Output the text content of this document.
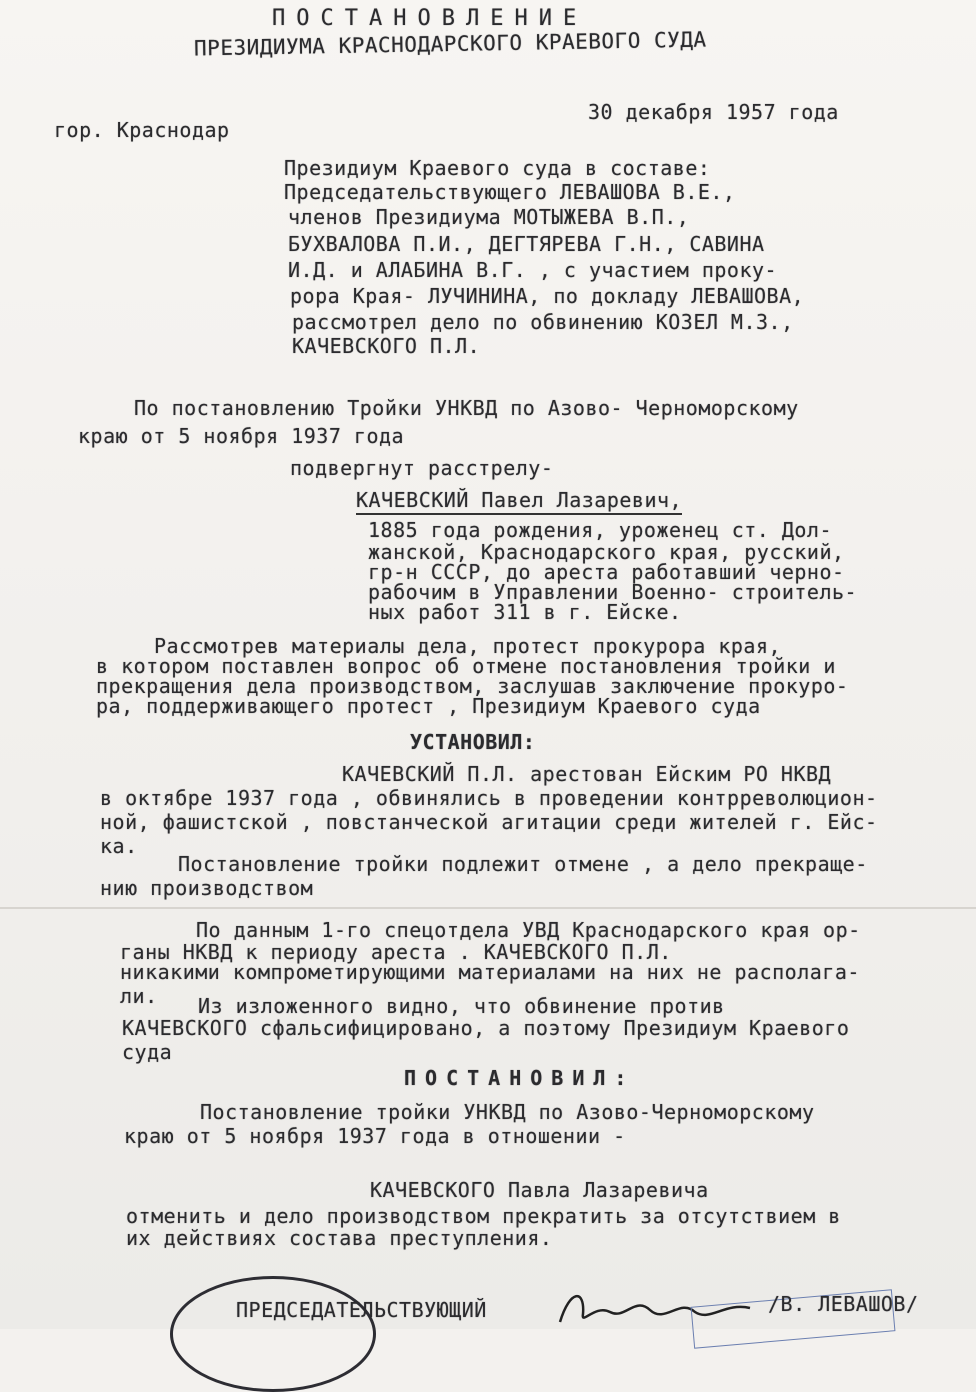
ПОСТАНОВЛЕНИЕ
ПРЕЗИДИУМА КРАСНОДАРСКОГО КРАЕВОГО СУДА
30 декабря 1957 года
гор. Краснодар
Президиум Краевого суда в составе:
Председательствующего ЛЕВАШОВА В.Е.,
членов Президиума МОТЫЖЕВА В.П.,
БУХВАЛОВА П.И., ДЕГТЯРЕВА Г.Н., САВИНА
И.Д. и АЛАБИНА В.Г. , с участием проку-
рора Края- ЛУЧИНИНА, по докладу ЛЕВАШОВА,
рассмотрел дело по обвинению КОЗЕЛ М.З.,
КАЧЕВСКОГО П.Л.
По постановлению Тройки УНКВД по Азово- Черноморскому
краю от 5 ноября 1937 года
подвергнут расстрелу-
КАЧЕВСКИЙ Павел Лазаревич,
1885 года рождения, уроженец ст. Дол-
жанской, Краснодарского края, русский,
гр-н СССР, до ареста работавший черно-
рабочим в Управлении Военно- строитель-
ных работ 311 в г. Ейске.
Рассмотрев материалы дела, протест прокурора края,
в котором поставлен вопрос об отмене постановления тройки и
прекращения дела производством, заслушав заключение прокуро-
ра, поддерживающего протест , Президиум Краевого суда
УСТАНОВИЛ:
КАЧЕВСКИЙ П.Л. арестован Ейским РО НКВД
в октябре 1937 года , обвинялись в проведении контрреволюцион-
ной, фашистской , повстанческой агитации среди жителей г. Ейс-
ка.
Постановление тройки подлежит отмене , а дело прекраще-
нию производством
По данным 1-го спецотдела УВД Краснодарского края ор-
ганы НКВД к периоду ареста . КАЧЕВСКОГО П.Л.
никакими компрометирующими материалами на них не располага-
ли. Из изложенного видно, что обвинение против
КАЧЕВСКОГО сфальсифицировано, а поэтому Президиум Краевого
суда
ПОСТАНОВИЛ:
Постановление тройки УНКВД по Азово-Черноморскому
краю от 5 ноября 1937 года в отношении -
КАЧЕВСКОГО Павла Лазаревича
отменить и дело производством прекратить за отсутствием в
их действиях состава преступления.
ПРЕДСЕДАТЕЛЬСТВУЮЩИЙ	/В. ЛЕВАШОВ/
